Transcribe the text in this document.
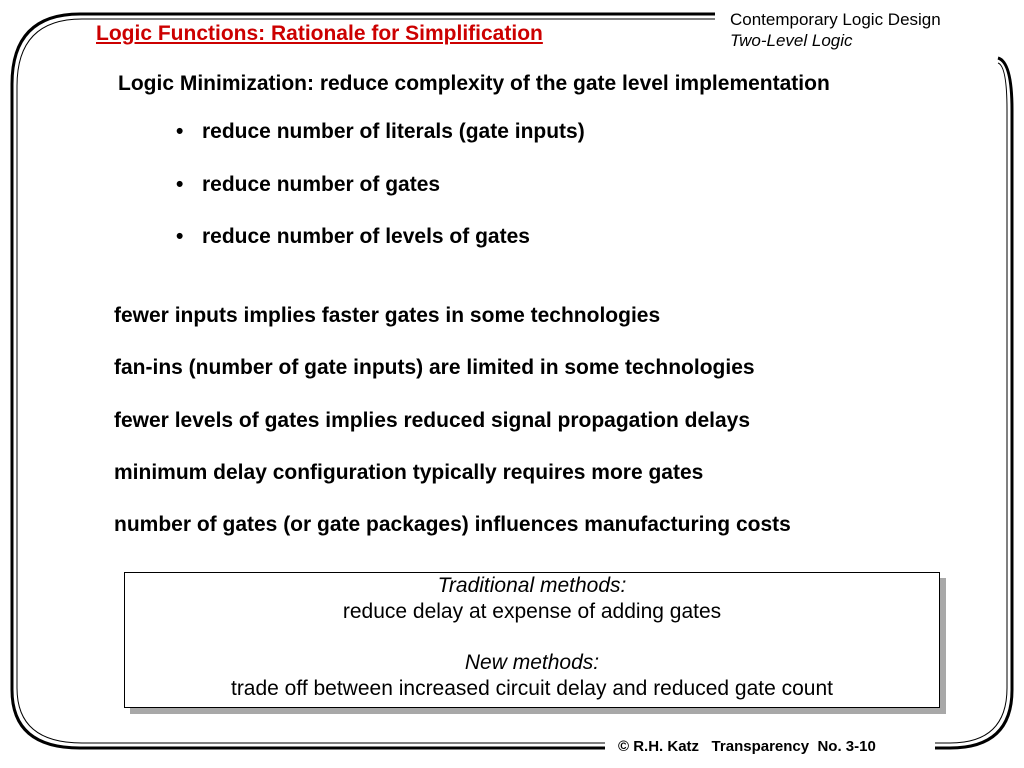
Logic Functions: Rationale for Simplification
Contemporary Logic Design
Two-Level Logic
Logic Minimization: reduce complexity of the gate level implementation
• reduce number of literals (gate inputs)
• reduce number of gates
• reduce number of levels of gates
fewer inputs implies faster gates in some technologies
fan-ins (number of gate inputs) are limited in some technologies
fewer levels of gates implies reduced signal propagation delays
minimum delay configuration typically requires more gates
number of gates (or gate packages) influences manufacturing costs
Traditional methods:
reduce delay at expense of adding gates
New methods:
trade off between increased circuit delay and reduced gate count
© R.H. Katz   Transparency  No. 3-10
